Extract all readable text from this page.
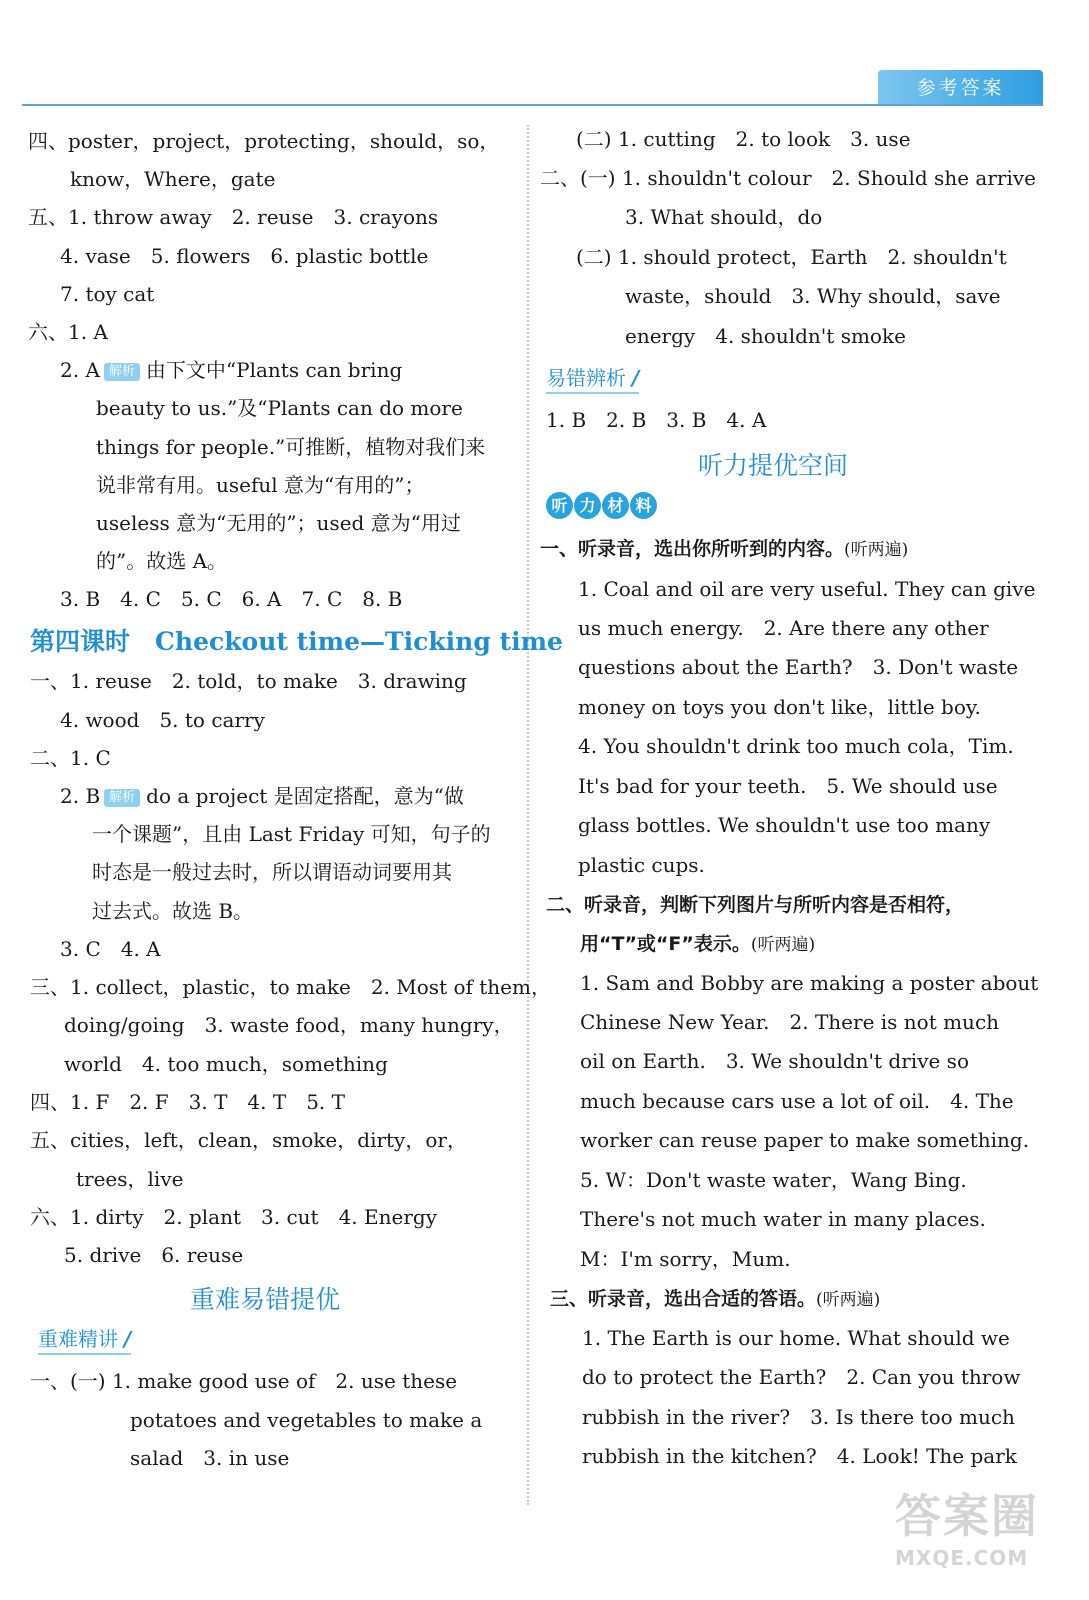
参考答案
四、poster，project，protecting，should，so，
know，Where，gate
五、1. throw away　2. reuse　3. crayons
4. vase　5. flowers　6. plastic bottle
7. toy cat
六、1. A
2. A 解析 由下文中“Plants can bring
beauty to us.”及“Plants can do more
things for people.”可推断，植物对我们来
说非常有用。useful 意为“有用的”；
useless 意为“无用的”；used 意为“用过
的”。故选 A。
3. B　4. C　5. C　6. A　7. C　8. B
第四课时　Checkout time—Ticking time
一、1. reuse　2. told，to make　3. drawing
4. wood　5. to carry
二、1. C
2. B 解析 do a project 是固定搭配，意为“做
一个课题”，且由 Last Friday 可知，句子的
时态是一般过去时，所以谓语动词要用其
过去式。故选 B。
3. C　4. A
三、1. collect，plastic，to make　2. Most of them，
doing/going　3. waste food，many hungry，
world　4. too much，something
四、1. F　2. F　3. T　4. T　5. T
五、cities，left，clean，smoke，dirty，or，
trees，live
六、1. dirty　2. plant　3. cut　4. Energy
5. drive　6. reuse
重难易错提优
重难精讲 /
一、(一) 1. make good use of　2. use these
potatoes and vegetables to make a
salad　3. in use
(二) 1. cutting　2. to look　3. use
二、(一) 1. shouldn't colour　2. Should she arrive
3. What should，do
(二) 1. should protect，Earth　2. shouldn't
waste，should　3. Why should，save
energy　4. shouldn't smoke
易错辨析 /
1. B　2. B　3. B　4. A
听力提优空间
听 力 材 料
一、听录音，选出你所听到的内容。(听两遍)
1. Coal and oil are very useful. They can give
us much energy.　2. Are there any other
questions about the Earth?　3. Don't waste
money on toys you don't like，little boy.
4. You shouldn't drink too much cola，Tim.
It's bad for your teeth.　5. We should use
glass bottles. We shouldn't use too many
plastic cups.
二、听录音，判断下列图片与所听内容是否相符，
用“T”或“F”表示。(听两遍)
1. Sam and Bobby are making a poster about
Chinese New Year.　2. There is not much
oil on Earth.　3. We shouldn't drive so
much because cars use a lot of oil.　4. The
worker can reuse paper to make something.
5. W：Don't waste water，Wang Bing.
There's not much water in many places.
M：I'm sorry，Mum.
三、听录音，选出合适的答语。(听两遍)
1. The Earth is our home. What should we
do to protect the Earth?　2. Can you throw
rubbish in the river?　3. Is there too much
rubbish in the kitchen?　4. Look! The park
答案圈
MXQE.COM
